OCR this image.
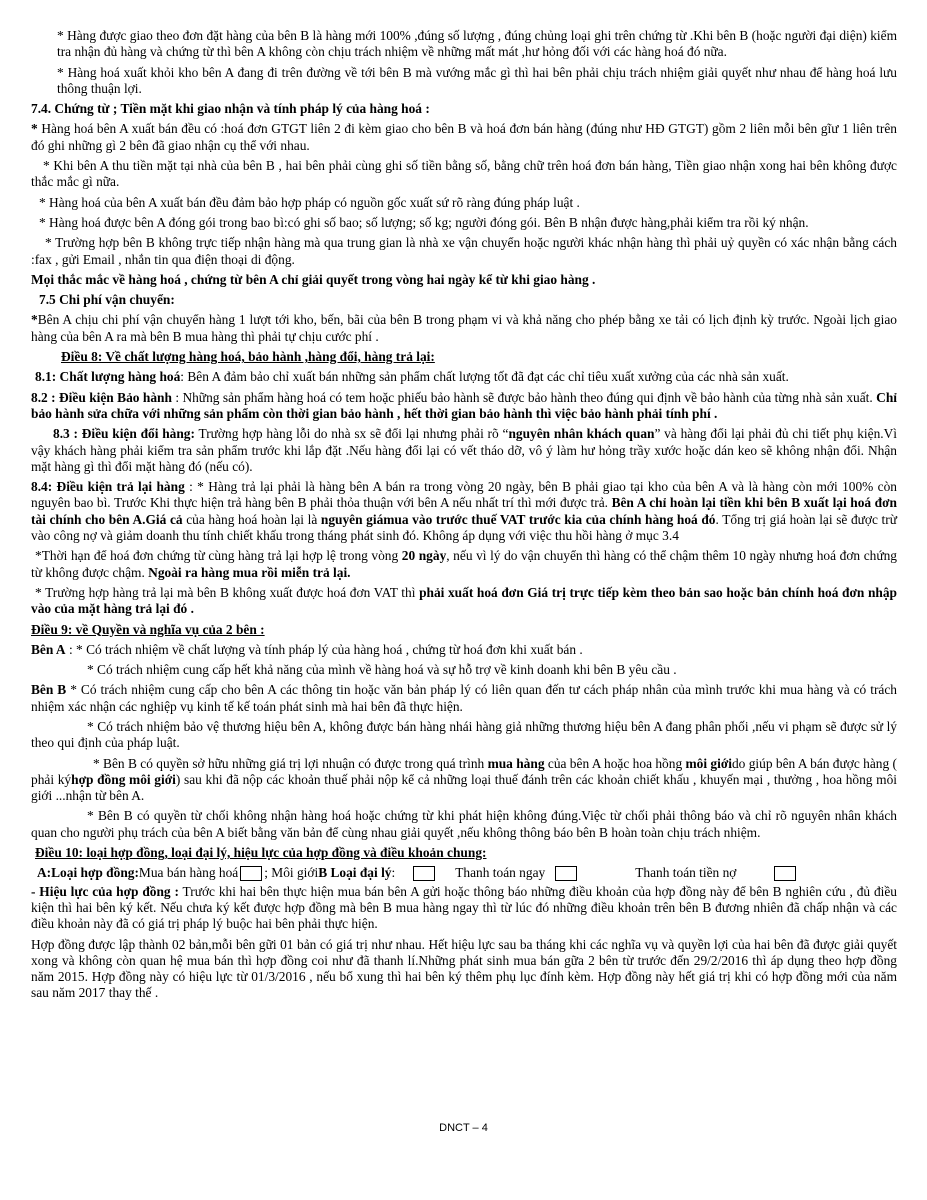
* Hàng được giao theo đơn đặt hàng của bên B là hàng mới 100% ,đúng số lượng , đúng chủng loại ghi trên chứng từ .Khi bên B (hoặc người đại diện) kiểm tra nhận đủ hàng và chứng từ thì bên A không còn chịu trách nhiệm về những mất mát ,hư hỏng đối với các hàng hoá đó nữa.

* Hàng hoá xuất khỏi kho bên A đang đi trên đường về tới bên B mà vướng mắc gì thì hai bên phải chịu trách nhiệm giải quyết như nhau để hàng hoá lưu thông thuận lợi.

7.4. Chứng từ ; Tiền mặt khi giao nhận và tính pháp lý của hàng hoá :

* Hàng hoá bên A xuất bán đều có :hoá đơn GTGT liên 2 đi kèm giao cho bên B và hoá đơn bán hàng (đúng như HĐ GTGT) gồm 2 liên mỗi bên gĩư 1 liên trên đó ghi những gì 2 bên đã giao nhận cụ thể với nhau.

* Khi bên A thu tiền mặt tại nhà của bên B , hai bên phải cùng ghi số tiền bằng số, bằng chữ trên hoá đơn bán hàng, Tiền giao nhận xong hai bên không được thắc mắc gì nữa.

* Hàng hoá của bên A xuất bán đều đảm bảo hợp pháp có nguồn gốc xuất sứ rõ ràng đúng pháp luật .

* Hàng hoá được bên A đóng gói trong bao bì:có ghi số bao; số lượng; số kg; người đóng gói. Bên B nhận được hàng,phải kiểm tra rồi ký nhận.

* Trường hợp bên B không trực tiếp nhận hàng mà qua trung gian là nhà xe vận chuyển hoặc người khác nhận hàng thì phải uỷ quyền có xác nhận bằng cách :fax , gửi Email , nhắn tin qua điện thoại di động.

Mọi thắc mắc về hàng hoá , chứng từ bên A chỉ giải quyết trong vòng hai ngày kể từ khi giao hàng .

7.5 Chi phí vận chuyển:

*Bên A chịu chi phí vận chuyển hàng 1 lượt tới kho, bến, bãi của bên B trong phạm vi và khả năng cho phép bằng xe tải có lịch định kỳ trước. Ngoài lịch giao hàng của bên A ra mà bên B mua hàng thì phải tự chịu cước phí .

Điều 8: Về chất lượng hàng hoá, bảo hành ,hàng đổi, hàng trả lại:

8.1: Chất lượng hàng hoá: Bên A đảm bảo chỉ xuất bán những sản phẩm chất lượng tốt đã đạt các chỉ tiêu xuất xưởng của các nhà sản xuất.

8.2 : Điều kiện Bảo hành : Những sản phẩm hàng hoá có tem hoặc phiếu bảo hành sẽ được bảo hành theo đúng qui định về bảo hành của từng nhà sản xuất. Chỉ bảo hành sửa chữa với những sản phẩm còn thời gian bảo hành , hết thời gian bảo hành thì việc bảo hành phải tính phí .

8.3 : Điều kiện đổi hàng: Trường hợp hàng lỗi do nhà sx sẽ đổi lại nhưng phải rõ “nguyên nhân khách quan” và hàng đổi lại phải đủ chi tiết phụ kiện.Vì vậy khách hàng phải kiểm tra sản phẩm trước khi lắp đặt .Nếu hàng đổi lại có vết tháo dỡ, vô ý làm hư hỏng trầy xước hoặc dán keo sẽ không nhận đổi. Nhận mặt hàng gì thì đổi mặt hàng đó (nếu có).

8.4: Điều kiện trả lại hàng : * Hàng trả lại phải là hàng bên A bán ra trong vòng 20 ngày, bên B phải giao tại kho của bên A và là hàng còn mới 100% còn nguyên bao bì. Trước Khi thực hiện trả hàng bên B phải thỏa thuận với bên A nếu nhất trí thì mới được trả. Bên A chỉ hoàn lại tiền khi bên B xuất lại hoá đơn tài chính cho bên A.Giá cả của hàng hoá hoàn lại là nguyên giámua vào trước thuế VAT trước kia của chính hàng hoá đó. Tổng trị giá hoàn lại sẽ được trừ vào công nợ và giảm doanh thu tính chiết khấu trong tháng phát sinh đó. Không áp dụng với việc thu hồi hàng ở mục 3.4

*Thời hạn để hoá đơn chứng từ cùng hàng trả lại hợp lệ trong vòng 20 ngày, nếu vì lý do vận chuyển thì hàng có thể chậm thêm 10 ngày nhưng hoá đơn chứng từ không được chậm. Ngoài ra hàng mua rồi miễn trả lại.

* Trường hợp hàng trả lại mà bên B không xuất được hoá đơn VAT thì phải xuất hoá đơn Giá trị trực tiếp kèm theo bản sao hoặc bản chính hoá đơn nhập vào của mặt hàng trả lại đó .

Điều 9: về Quyền và nghĩa vụ của 2 bên :

Bên A : * Có trách nhiệm về chất lượng và tính pháp lý của hàng hoá , chứng từ hoá đơn khi xuất bán .

* Có trách nhiệm cung cấp hết khả năng của mình về hàng hoá và sự hỗ trợ về kinh doanh khi bên B yêu cầu .

Bên B * Có trách nhiệm cung cấp cho bên A các thông tin hoặc văn bản pháp lý có liên quan đến tư cách pháp nhân của mình trước khi mua hàng và có trách nhiệm xác nhận các nghiệp vụ kinh tế kế toán phát sinh mà hai bên đã thực hiện.

* Có trách nhiệm bảo vệ thương hiệu bên A, không được bán hàng nhái hàng giả những thương hiệu bên A đang phân phối ,nếu vi phạm sẽ được sử lý theo qui định của pháp luật.

* Bên B có quyền sở hữu những giá trị lợi nhuận có được trong quá trình mua hàng của bên A hoặc hoa hồng môi giớido giúp bên A bán được hàng ( phải kýhợp đồng môi giới) sau khi đã nộp các khoản thuế phải nộp kể cả những loại thuế đánh trên các khoản chiết khấu , khuyến mại , thưởng , hoa hồng môi giới ...nhận từ bên A.

* Bên B có quyền từ chối không nhận hàng hoá hoặc chứng từ khi phát hiện không đúng.Việc từ chối phải thông báo và chỉ rõ nguyên nhân khách quan cho người phụ trách của bên A biết bằng văn bản để cùng nhau giải quyết ,nếu không thông báo bên B hoàn toàn chịu trách nhiệm.

Điều 10: loại hợp đồng, loại đại lý, hiệu lực của hợp đồng và điều khoản chung:

A:Loại hợp đồng: Mua bán hàng hoá ; Môi giới B Loại đại lý :	Thanh toán ngay	Thanh toán tiền nợ

- Hiệu lực của hợp đồng : Trước khi hai bên thực hiện mua bán bên A gửi hoặc thông báo những điều khoản của hợp đồng này để bên B nghiên cứu , đủ điều kiện thì hai bên ký kết. Nếu chưa ký kết được hợp đồng mà bên B mua hàng ngay thì từ lúc đó những điều khoản trên bên B đương nhiên đã chấp nhận và các điều khoản này đã có giá trị pháp lý buộc hai bên phải thực hiện.

Hợp đồng được lập thành 02 bản,mỗi bên gữi 01 bản có giá trị như nhau. Hết hiệu lực sau ba tháng khi các nghĩa vụ và quyền lợi của hai bên đã được giải quyết xong và không còn quan hệ mua bán thì hợp đồng coi như đã thanh lí.Những phát sinh mua bán gữa 2 bên từ trước đến 29/2/2016 thì áp dụng theo hợp đồng năm 2015. Hợp đồng này có hiệu lực từ 01/3/2016 , nếu bổ xung thì hai bên ký thêm phụ lục đính kèm. Hợp đồng này hết giá trị khi có hợp đồng mới của năm sau năm 2017 thay thế .

DNCT – 4
